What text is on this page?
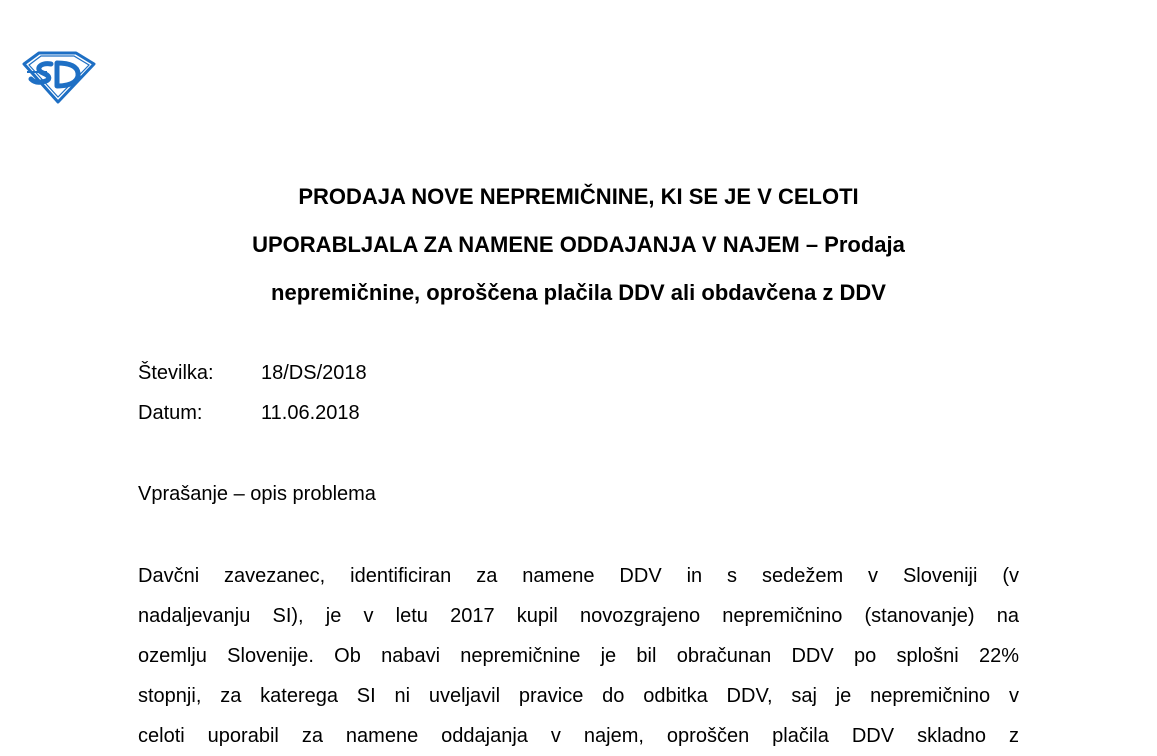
PRODAJA NOVE NEPREMIČNINE, KI SE JE V CELOTI
UPORABLJALA ZA NAMENE ODDAJANJA V NAJEM – Prodaja
nepremičnine, oproščena plačila DDV ali obdavčena z DDV
Številka: 18/DS/2018
Datum:	11.06.2018
Vprašanje – opis problema
Davčni zavezanec, identificiran za namene DDV in s sedežem v Sloveniji (v
nadaljevanju SI), je v letu 2017 kupil novozgrajeno nepremičnino (stanovanje) na
ozemlju Slovenije. Ob nabavi nepremičnine je bil obračunan DDV po splošni 22%
stopnji, za katerega SI ni uveljavil pravice do odbitka DDV, saj je nepremičnino v
celoti uporabil za namene oddajanja v najem, oproščen plačila DDV skladno z
